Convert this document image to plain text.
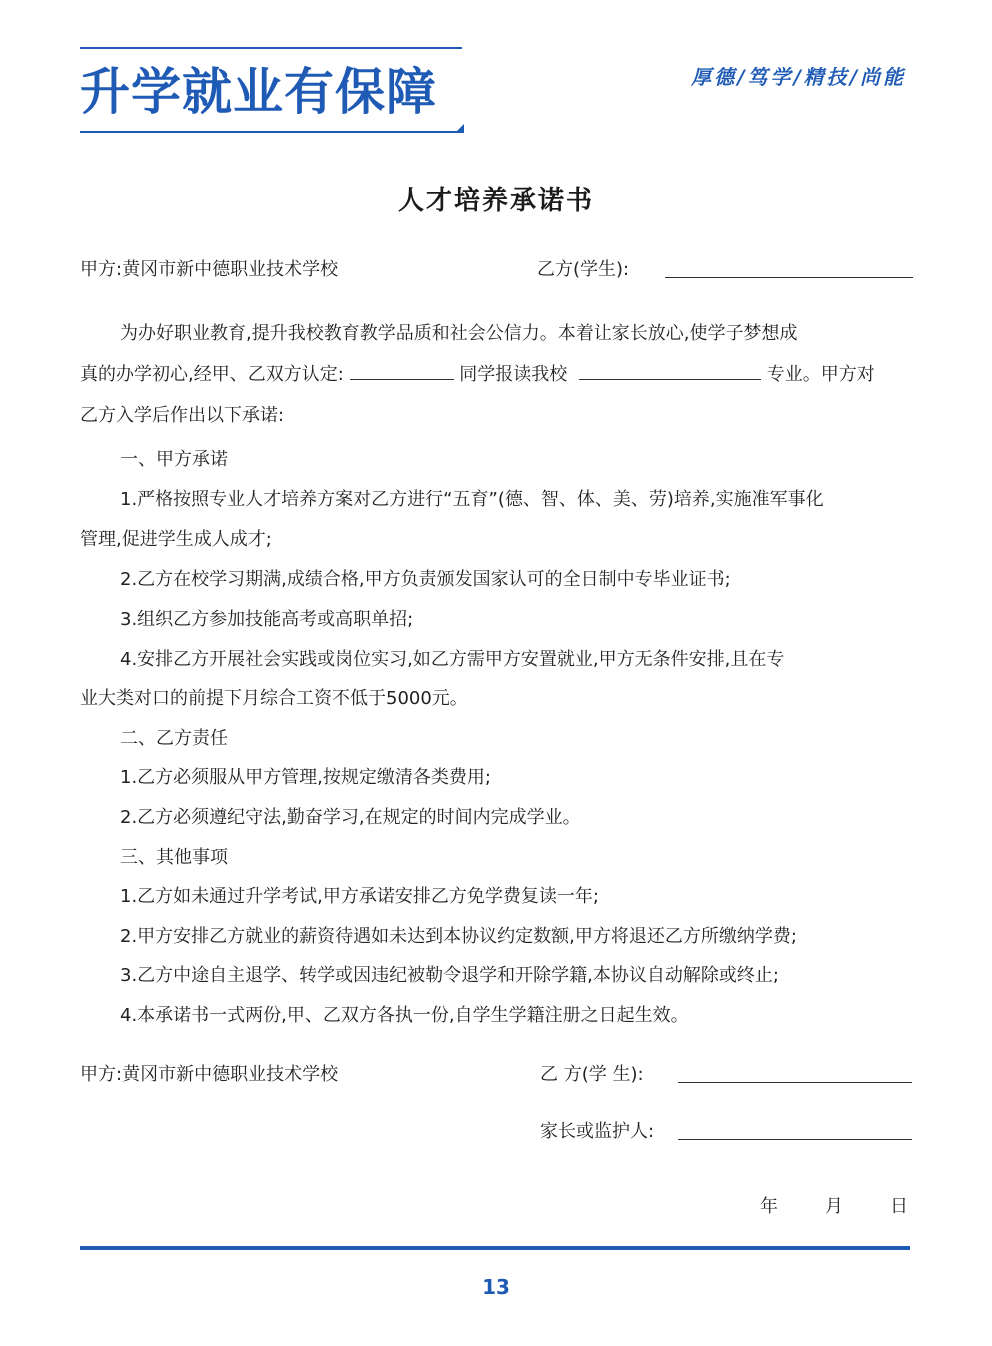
升学就业有保障	厚德/笃学/精技/尚能
人才培养承诺书
甲方:黄冈市新中德职业技术学校	乙方(学生):
为办好职业教育,提升我校教育教学品质和社会公信力。本着让家长放心,使学子梦想成
真的办学初心,经甲、乙双方认定:	同学报读我校	专业。甲方对
乙方入学后作出以下承诺:
一、甲方承诺
1.严格按照专业人才培养方案对乙方进行“五育”(德、智、体、美、劳)培养,实施准军事化
管理,促进学生成人成才;
2.乙方在校学习期满,成绩合格,甲方负责颁发国家认可的全日制中专毕业证书;
3.组织乙方参加技能高考或高职单招;
4.安排乙方开展社会实践或岗位实习,如乙方需甲方安置就业,甲方无条件安排,且在专
业大类对口的前提下月综合工资不低于5000元。
二、乙方责任
1.乙方必须服从甲方管理,按规定缴清各类费用;
2.乙方必须遵纪守法,勤奋学习,在规定的时间内完成学业。
三、其他事项
1.乙方如未通过升学考试,甲方承诺安排乙方免学费复读一年;
2.甲方安排乙方就业的薪资待遇如未达到本协议约定数额,甲方将退还乙方所缴纳学费;
3.乙方中途自主退学、转学或因违纪被勒令退学和开除学籍,本协议自动解除或终止;
4.本承诺书一式两份,甲、乙双方各执一份,自学生学籍注册之日起生效。
甲方:黄冈市新中德职业技术学校	乙 方(学 生):
家长或监护人:
年	月	日
13
